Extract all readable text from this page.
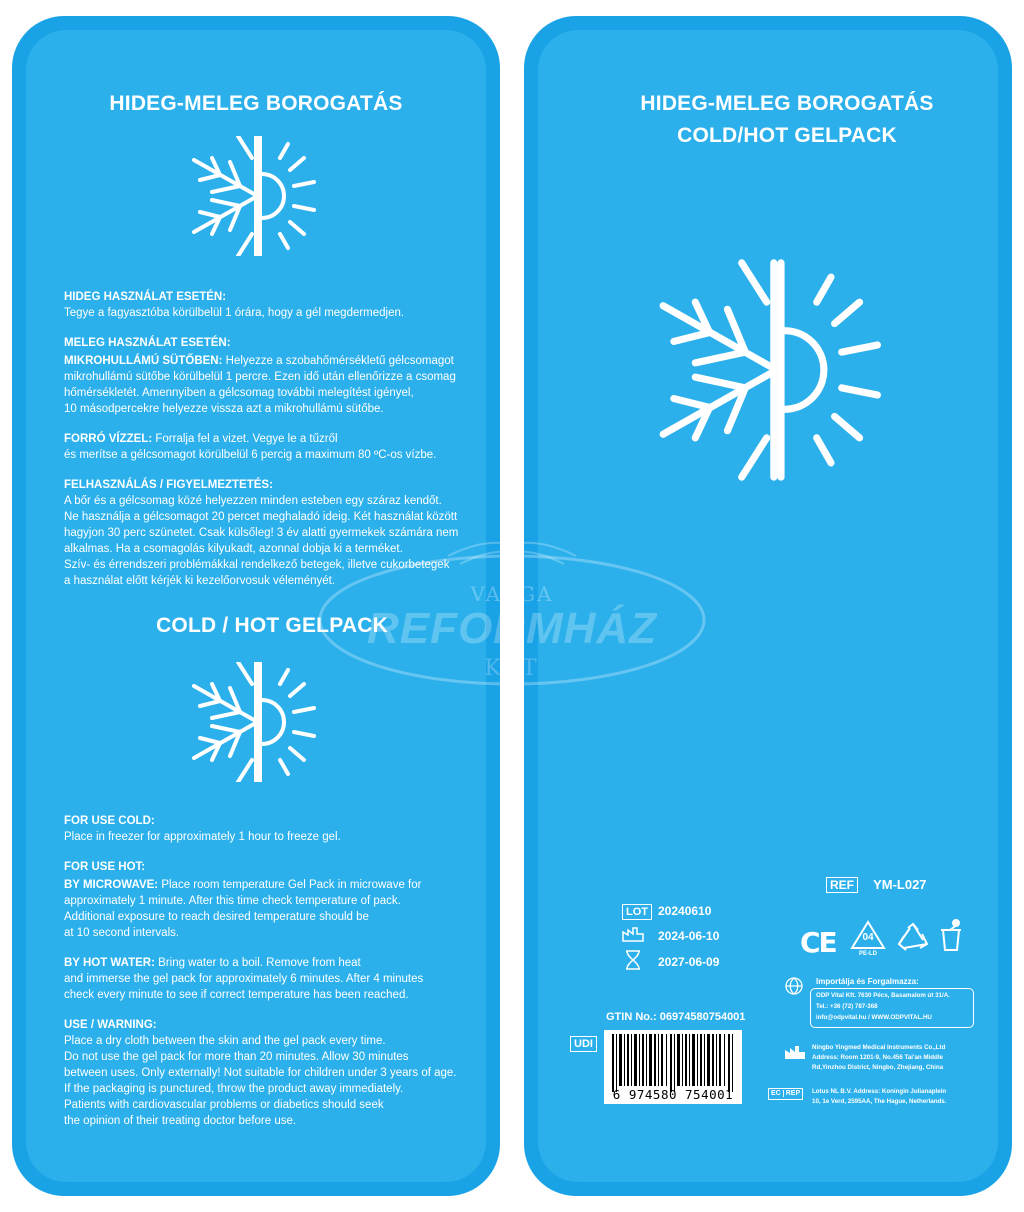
HIDEG-MELEG BOROGATÁS

HIDEG HASZNÁLAT ESETÉN:

Tegye a fagyasztóba körülbelül 1 órára, hogy a gél megdermedjen.

MELEG HASZNÁLAT ESETÉN:

MIKROHULLÁMÚ SÜTŐBEN: Helyezze a szobahőmérsékletű gélcsomagot

mikrohullámú sütőbe körülbelül 1 percre. Ezen idő után ellenőrizze a csomag

hőmérsékletét. Amennyiben a gélcsomag további melegítést igényel,

10 másodpercekre helyezze vissza azt a mikrohullámú sütőbe.

FORRÓ VÍZZEL: Forralja fel a vizet. Vegye le a tűzről

és merítse a gélcsomagot körülbelül 6 percig a maximum 80 ºC-os vízbe.

FELHASZNÁLÁS / FIGYELMEZTETÉS:

A bőr és a gélcsomag közé helyezzen minden esteben egy száraz kendőt.

Ne használja a gélcsomagot 20 percet meghaladó ideig. Két használat között

hagyjon 30 perc szünetet. Csak külsőleg! 3 év alatti gyermekek számára nem

alkalmas. Ha a csomagolás kilyukadt, azonnal dobja ki a terméket.

Szív- és érrendszeri problémákkal rendelkező betegek, illetve cukorbetegek

a használat előtt kérjék ki kezelőorvosuk véleményét.

COLD / HOT GELPACK

FOR USE COLD:

Place in freezer for approximately 1 hour to freeze gel.

FOR USE HOT:

BY MICROWAVE: Place room temperature Gel Pack in microwave for

approximately 1 minute. After this time check temperature of pack.

Additional exposure to reach desired temperature should be

at 10 second intervals.

BY HOT WATER: Bring water to a boil. Remove from heat

and immerse the gel pack for approximately 6 minutes. After 4 minutes

check every minute to see if correct temperature has been reached.

USE / WARNING:

Place a dry cloth between the skin and the gel pack every time.

Do not use the gel pack for more than 20 minutes. Allow 30 minutes

between uses. Only externally! Not suitable for children under 3 years of age.

If the packaging is punctured, throw the product away immediately.

Patients with cardiovascular problems or diabetics should seek

the opinion of their treating doctor before use.

HIDEG-MELEG BOROGATÁS
COLD/HOT GELPACK
VARGA
REFORMHÁZ
KFT
REF YM-L027
LOT 20240610
2024-06-10
2027-06-09
CE	04
PE-LD
Importálja és Forgalmazza:
ODP Vital Kft. 7630 Pécs, Basamalom út 31/A.
Tel.: +36 (72) 787-368
info@odpvital.hu / WWW.ODPVITAL.HU
GTIN No.: 06974580754001
UDI
6 974580 754001
Ningbo Yingmed Medical Instruments Co.,Ltd
Address: Room 1201-9, No.456 Tai'an Middle
Rd,Yinzhou District, Ningbo, Zhejiang, China
EC REP	Lotus NL B.V. Address: Koningin Julianaplein
10, 1e Verd, 2595AA, The Hague, Netherlands.
